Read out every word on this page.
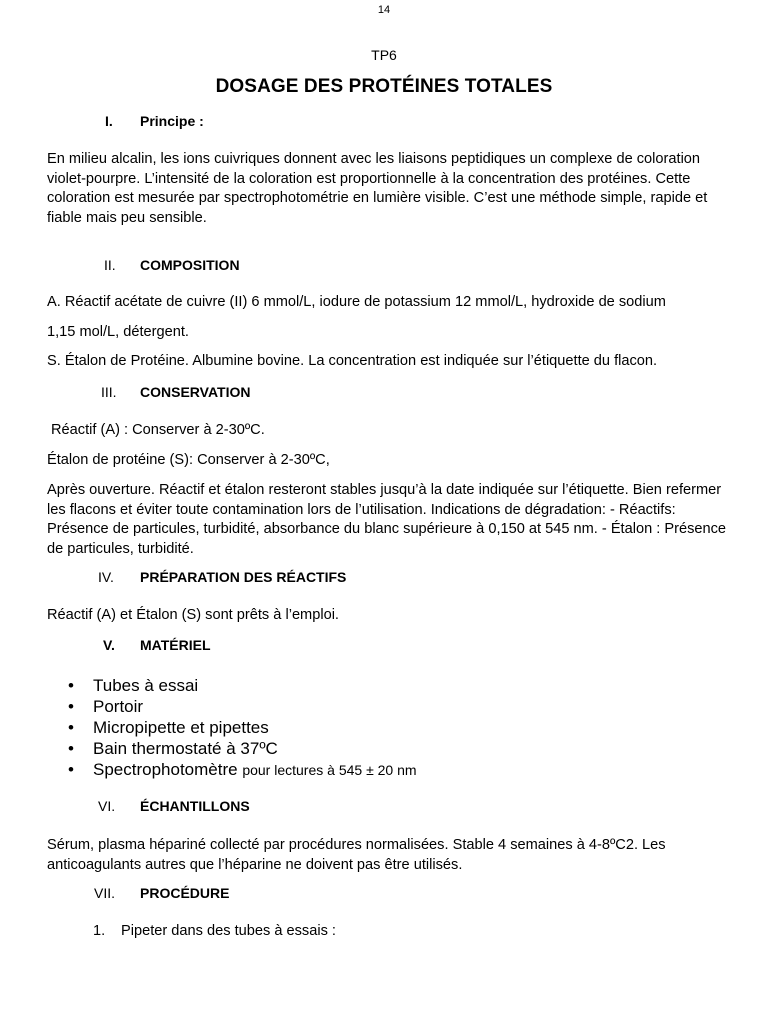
14
TP6
DOSAGE DES PROTÉINES TOTALES
I. Principe :

En milieu alcalin, les ions cuivriques donnent avec les liaisons peptidiques un complexe de coloration violet-pourpre. L’intensité de la coloration est proportionnelle à la concentration des protéines. Cette coloration est mesurée par spectrophotométrie en lumière visible. C’est une méthode simple, rapide et fiable mais peu sensible.

II. COMPOSITION

A. Réactif acétate de cuivre (II) 6 mmol/L, iodure de potassium 12 mmol/L, hydroxide de sodium

1,15 mol/L, détergent.

S. Étalon de Protéine. Albumine bovine. La concentration est indiquée sur l’étiquette du flacon.

III. CONSERVATION

Réactif (A) : Conserver à 2-30ºC.

Étalon de protéine (S): Conserver à 2-30ºC,

Après ouverture. Réactif et étalon resteront stables jusqu’à la date indiquée sur l’étiquette. Bien refermer les flacons et éviter toute contamination lors de l’utilisation. Indications de dégradation: - Réactifs: Présence de particules, turbidité, absorbance du blanc supérieure à 0,150 at 545 nm. - Étalon : Présence de particules, turbidité.

IV. PRÉPARATION DES RÉACTIFS

Réactif (A) et Étalon (S) sont prêts à l’emploi.

V. MATÉRIEL
• Tubes à essai
• Portoir
• Micropipette et pipettes
• Bain thermostaté à 37ºC
• Spectrophotomètre pour lectures à 545 ± 20 nm
VI. ÉCHANTILLONS

Sérum, plasma hépariné collecté par procédures normalisées. Stable 4 semaines à 4-8ºC2. Les anticoagulants autres que l’héparine ne doivent pas être utilisés.

VII. PROCÉDURE
1. Pipeter dans des tubes à essais :
